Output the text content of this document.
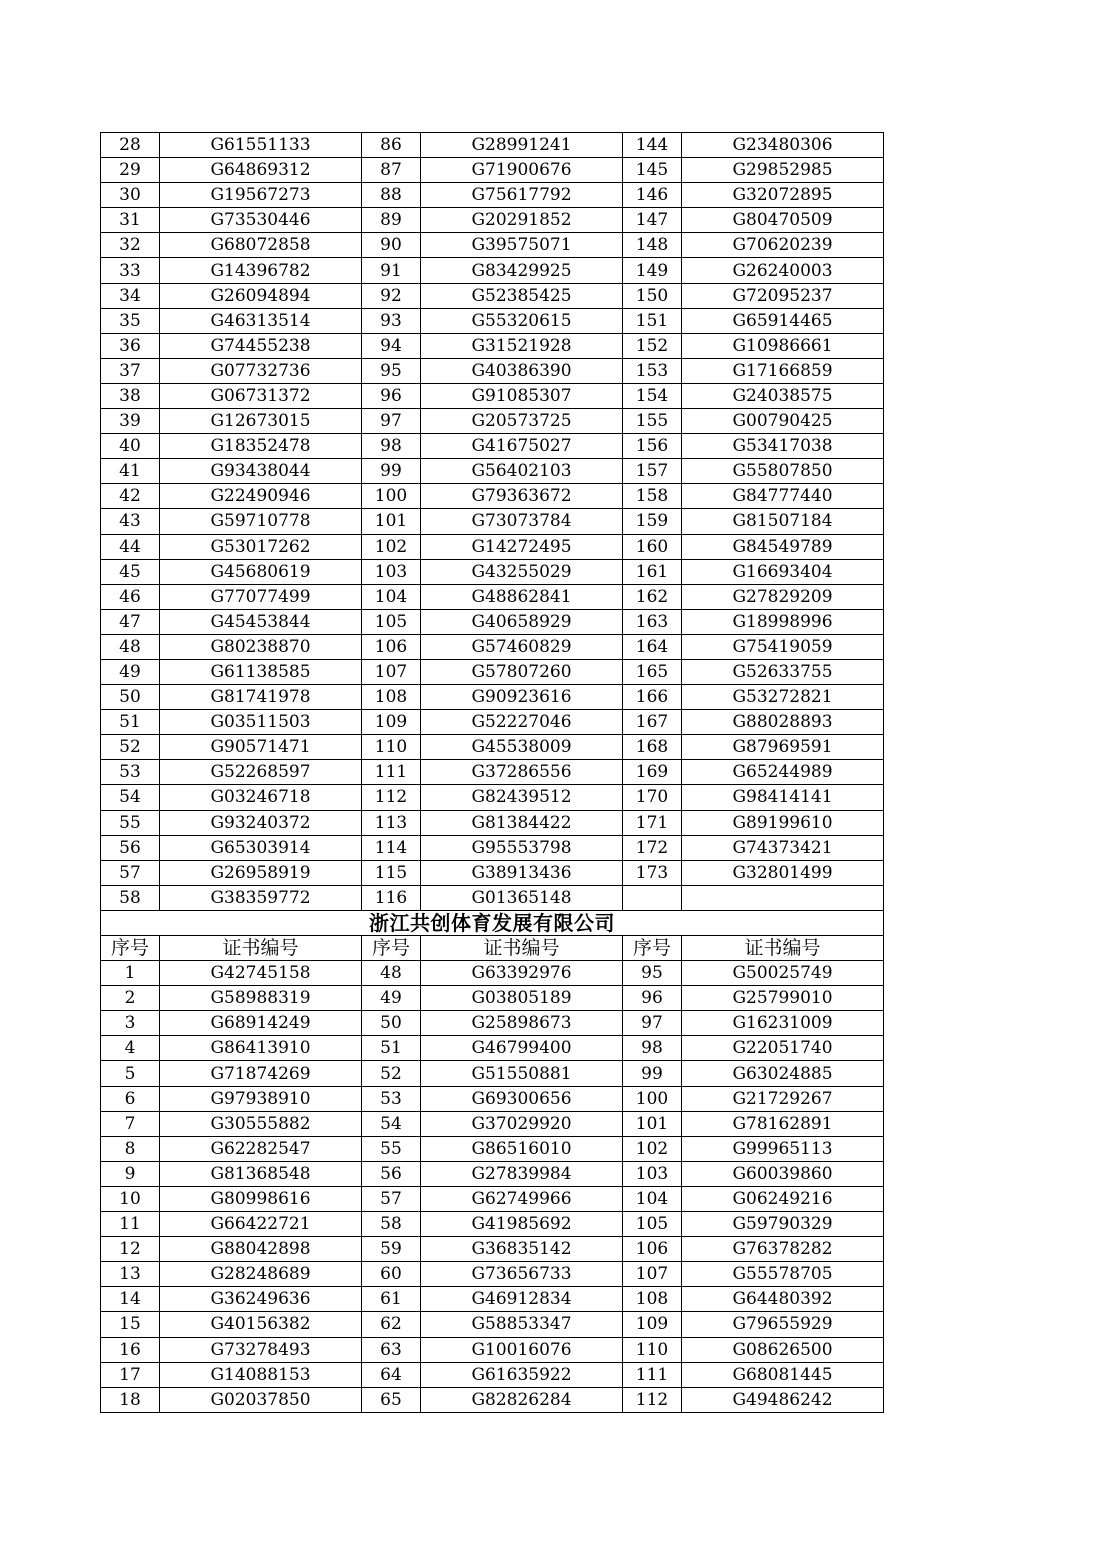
28	G61551133	86	G28991241	144	G23480306
29	G64869312	87	G71900676	145	G29852985
30	G19567273	88	G75617792	146	G32072895
31	G73530446	89	G20291852	147	G80470509
32	G68072858	90	G39575071	148	G70620239
33	G14396782	91	G83429925	149	G26240003
34	G26094894	92	G52385425	150	G72095237
35	G46313514	93	G55320615	151	G65914465
36	G74455238	94	G31521928	152	G10986661
37	G07732736	95	G40386390	153	G17166859
38	G06731372	96	G91085307	154	G24038575
39	G12673015	97	G20573725	155	G00790425
40	G18352478	98	G41675027	156	G53417038
41	G93438044	99	G56402103	157	G55807850
42	G22490946	100	G79363672	158	G84777440
43	G59710778	101	G73073784	159	G81507184
44	G53017262	102	G14272495	160	G84549789
45	G45680619	103	G43255029	161	G16693404
46	G77077499	104	G48862841	162	G27829209
47	G45453844	105	G40658929	163	G18998996
48	G80238870	106	G57460829	164	G75419059
49	G61138585	107	G57807260	165	G52633755
50	G81741978	108	G90923616	166	G53272821
51	G03511503	109	G52227046	167	G88028893
52	G90571471	110	G45538009	168	G87969591
53	G52268597	111	G37286556	169	G65244989
54	G03246718	112	G82439512	170	G98414141
55	G93240372	113	G81384422	171	G89199610
56	G65303914	114	G95553798	172	G74373421
57	G26958919	115	G38913436	173	G32801499
58	G38359772	116	G01365148		
浙江共创体育发展有限公司					
序号	证书编号	序号	证书编号	序号	证书编号
1	G42745158	48	G63392976	95	G50025749
2	G58988319	49	G03805189	96	G25799010
3	G68914249	50	G25898673	97	G16231009
4	G86413910	51	G46799400	98	G22051740
5	G71874269	52	G51550881	99	G63024885
6	G97938910	53	G69300656	100	G21729267
7	G30555882	54	G37029920	101	G78162891
8	G62282547	55	G86516010	102	G99965113
9	G81368548	56	G27839984	103	G60039860
10	G80998616	57	G62749966	104	G06249216
11	G66422721	58	G41985692	105	G59790329
12	G88042898	59	G36835142	106	G76378282
13	G28248689	60	G73656733	107	G55578705
14	G36249636	61	G46912834	108	G64480392
15	G40156382	62	G58853347	109	G79655929
16	G73278493	63	G10016076	110	G08626500
17	G14088153	64	G61635922	111	G68081445
18	G02037850	65	G82826284	112	G49486242
